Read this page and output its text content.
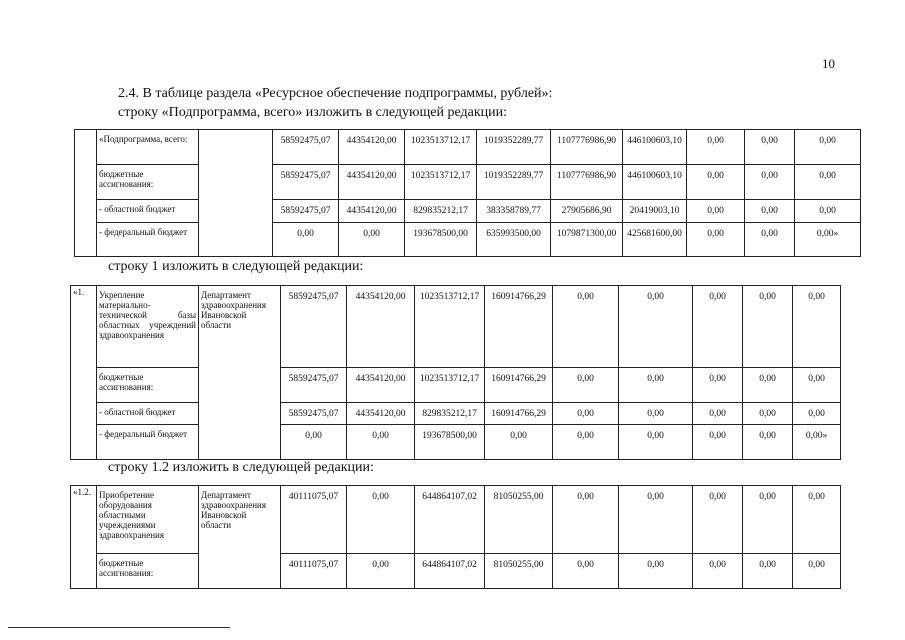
10
2.4. В таблице раздела «Ресурсное обеспечение подпрограммы, рублей»:
строку «Подпрограмма, всего» изложить в следующей редакции:
	«Подпрограмма, всего:		58592475,07	44354120,00	1023513712,17	1019352289,77	1107776986,90	446100603,10	0,00	0,00	0,00
	бюджетные ассигнования:		58592475,07	44354120,00	1023513712,17	1019352289,77	1107776986,90	446100603,10	0,00	0,00	0,00
	- областной бюджет		58592475,07	44354120,00	829835212,17	383358789,77	27905686,90	20419003,10	0,00	0,00	0,00
	- федеральный бюджет		0,00	0,00	193678500,00	635993500,00	1079871300,00	425681600,00	0,00	0,00	0,00»
строку 1 изложить в следующей редакции:
«1.	Укрепление материально-технической базы областных учреждений здравоохранения	Департамент здравоохранения Ивановской области	58592475,07	44354120,00	1023513712,17	160914766,29	0,00	0,00	0,00	0,00	0,00
	бюджетные ассигнования:		58592475,07	44354120,00	1023513712,17	160914766,29	0,00	0,00	0,00	0,00	0,00
	- областной бюджет		58592475,07	44354120,00	829835212,17	160914766,29	0,00	0,00	0,00	0,00	0,00
	- федеральный бюджет		0,00	0,00	193678500,00	0,00	0,00	0,00	0,00	0,00	0,00»
строку 1.2 изложить в следующей редакции:
«1.2.	Приобретение оборудования областными учреждениями здравоохранения	Департамент здравоохранения Ивановской области	40111075,07	0,00	644864107,02	81050255,00	0,00	0,00	0,00	0,00	0,00
	бюджетные ассигнования:		40111075,07	0,00	644864107,02	81050255,00	0,00	0,00	0,00	0,00	0,00
